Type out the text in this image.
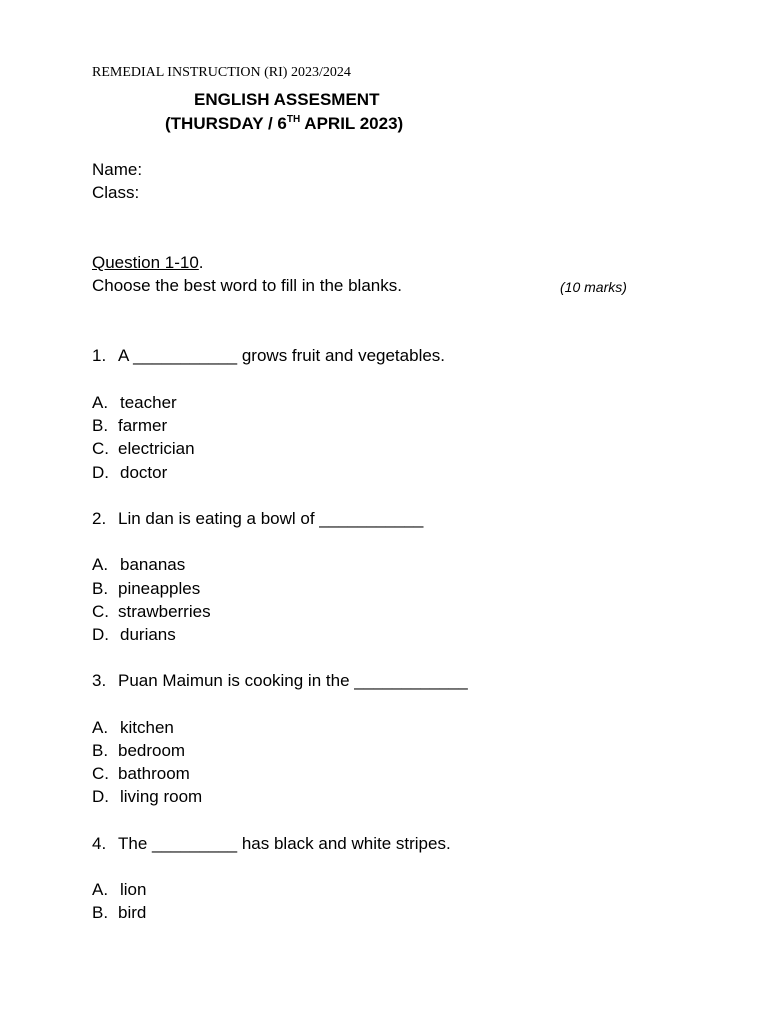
REMEDIAL INSTRUCTION (RI) 2023/2024
ENGLISH ASSESMENT
(THURSDAY / 6TH APRIL 2023)
Name:
Class:
Question 1-10.
Choose the best word to fill in the blanks.	(10 marks)
1. A ___________ grows fruit and vegetables.
A. teacher
B. farmer
C. electrician
D. doctor
2. Lin dan is eating a bowl of ___________
A. bananas
B. pineapples
C. strawberries
D. durians
3. Puan Maimun is cooking in the ____________
A. kitchen
B. bedroom
C. bathroom
D. living room
4. The _________ has black and white stripes.
A. lion
B. bird
